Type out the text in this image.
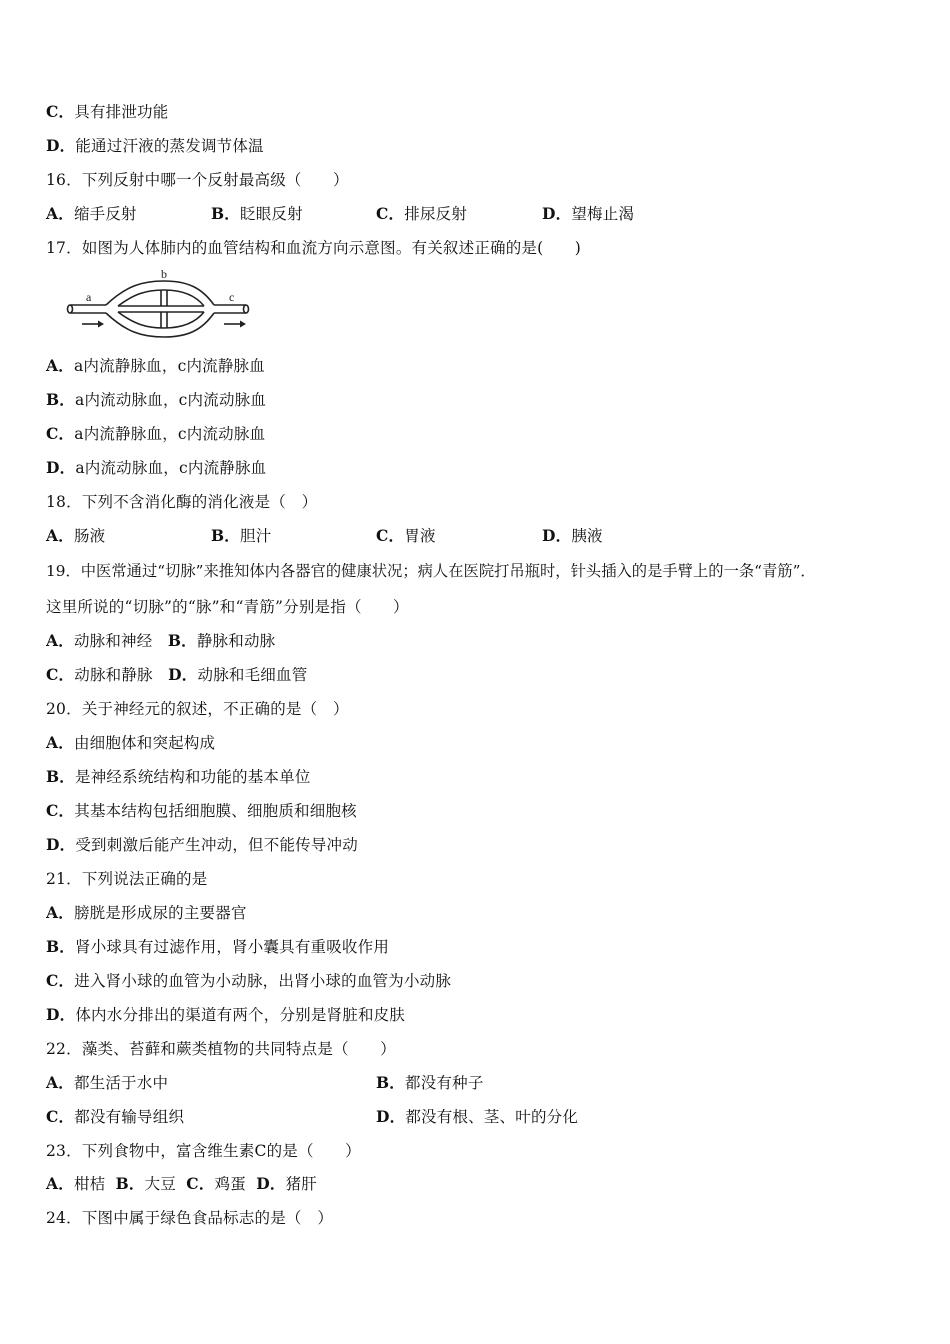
C．具有排泄功能
D．能通过汗液的蒸发调节体温
16．下列反射中哪一个反射最高级（　　）
A．缩手反射	B．眨眼反射	C．排尿反射	D．望梅止渴
17．如图为人体肺内的血管结构和血流方向示意图。有关叙述正确的是(　　)
a
b
c
A．a内流静脉血，c内流静脉血
B．a内流动脉血，c内流动脉血
C．a内流静脉血，c内流动脉血
D．a内流动脉血，c内流静脉血
18．下列不含消化酶的消化液是（　）
A．肠液	B．胆汁	C．胃液	D．胰液
19．中医常通过“切脉”来推知体内各器官的健康状况；病人在医院打吊瓶时，针头插入的是手臂上的一条“青筋”．
这里所说的“切脉”的“脉”和“青筋”分别是指（　　）
A．动脉和神经 B．静脉和动脉
C．动脉和静脉 D．动脉和毛细血管
20．关于神经元的叙述，不正确的是（　）
A．由细胞体和突起构成
B．是神经系统结构和功能的基本单位
C．其基本结构包括细胞膜、细胞质和细胞核
D．受到刺激后能产生冲动，但不能传导冲动
21．下列说法正确的是
A．膀胱是形成尿的主要器官
B．肾小球具有过滤作用，肾小囊具有重吸收作用
C．进入肾小球的血管为小动脉，出肾小球的血管为小动脉
D．体内水分排出的渠道有两个，分别是肾脏和皮肤
22．藻类、苔藓和蕨类植物的共同特点是（　　）
A．都生活于水中	B．都没有种子
C．都没有输导组织	D．都没有根、茎、叶的分化
23．下列食物中，富含维生素C的是（　　）
A．柑桔 B．大豆 C．鸡蛋 D．猪肝
24．下图中属于绿色食品标志的是（　）
